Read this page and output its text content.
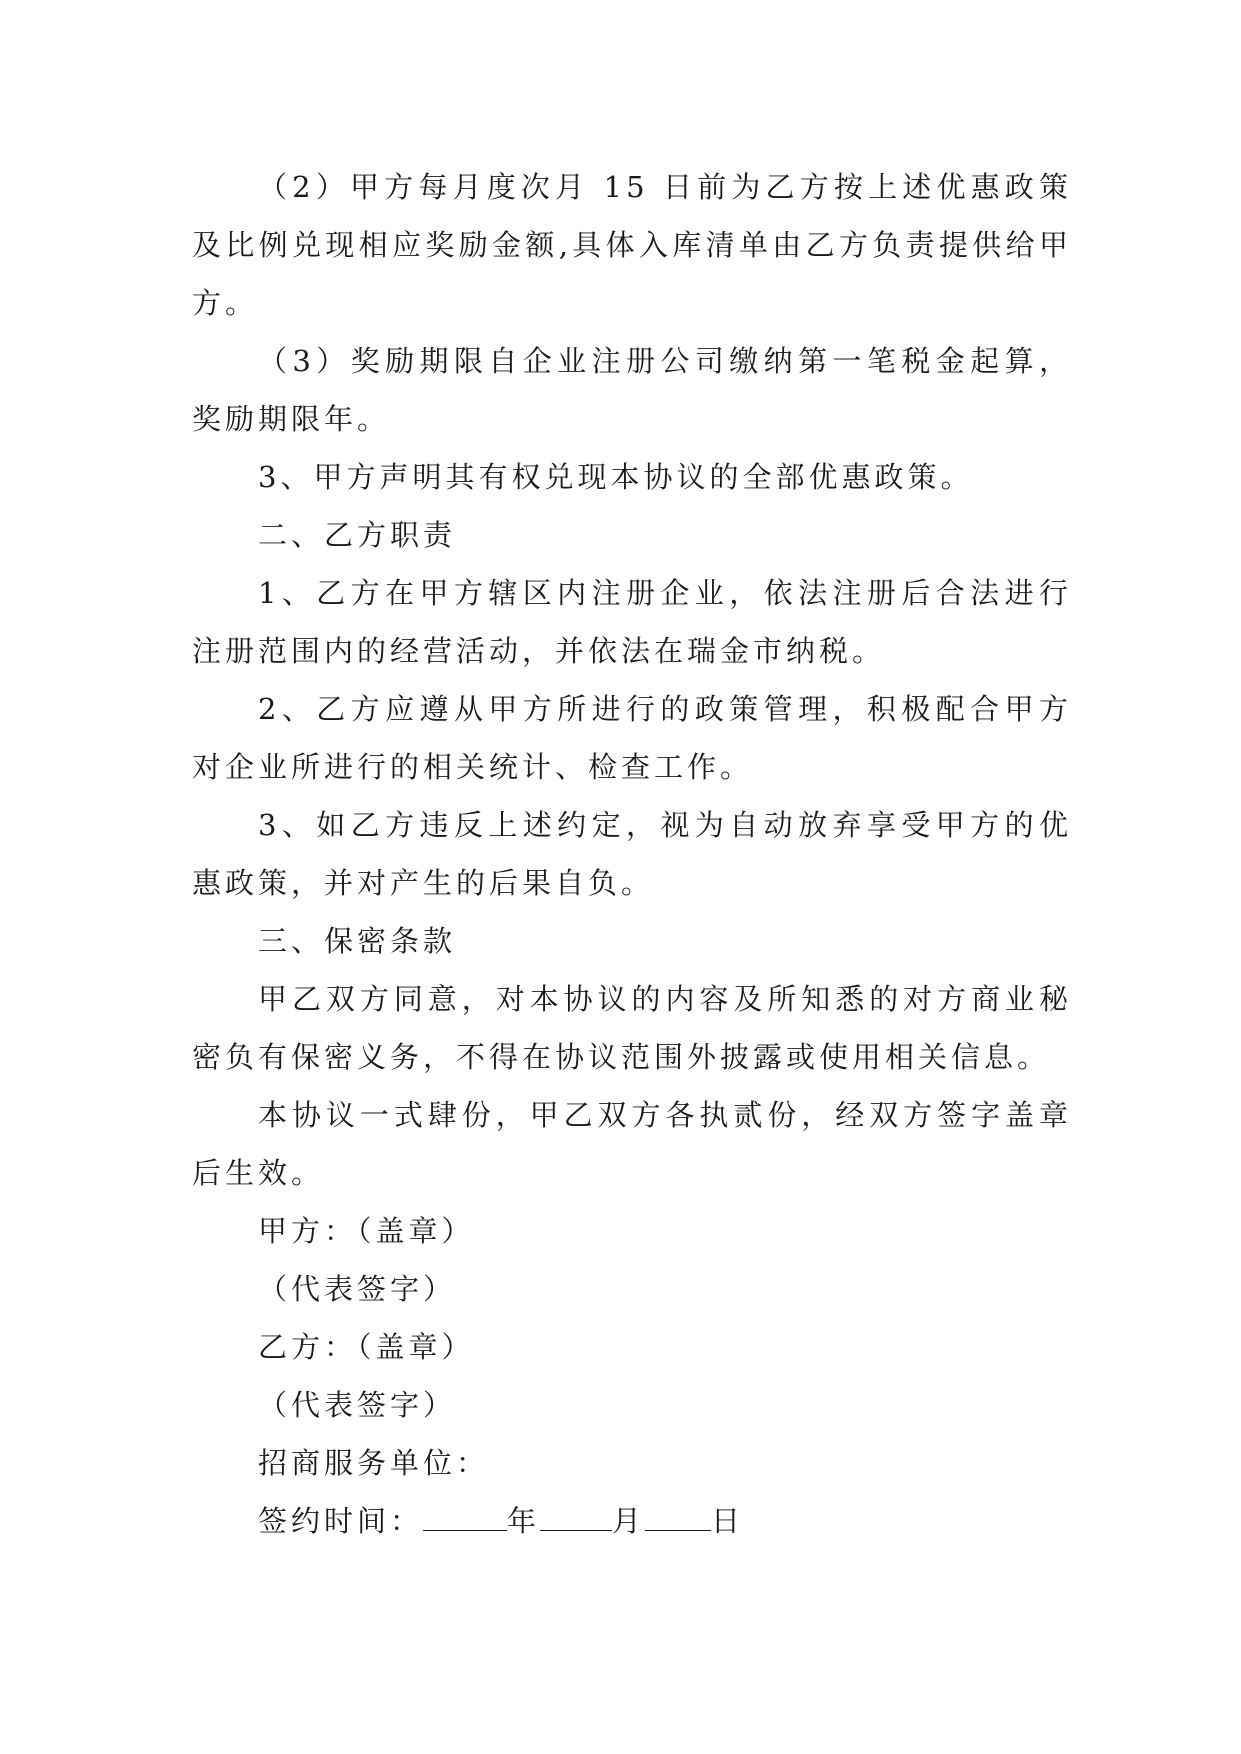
（2）甲方每月度次月 15 日前为乙方按上述优惠政策及比例兑现相应奖励金额,具体入库清单由乙方负责提供给甲方。

（3）奖励期限自企业注册公司缴纳第一笔税金起算，奖励期限年。

3、甲方声明其有权兑现本协议的全部优惠政策。

二、乙方职责

1、乙方在甲方辖区内注册企业，依法注册后合法进行注册范围内的经营活动，并依法在瑞金市纳税。

2、乙方应遵从甲方所进行的政策管理，积极配合甲方对企业所进行的相关统计、检查工作。

3、如乙方违反上述约定，视为自动放弃享受甲方的优惠政策，并对产生的后果自负。

三、保密条款

甲乙双方同意，对本协议的内容及所知悉的对方商业秘密负有保密义务，不得在协议范围外披露或使用相关信息。

本协议一式肆份，甲乙双方各执贰份，经双方签字盖章后生效。

甲方：（盖章）

（代表签字）

乙方：（盖章）

（代表签字）

招商服务单位：

签约时间：	年 月 日
